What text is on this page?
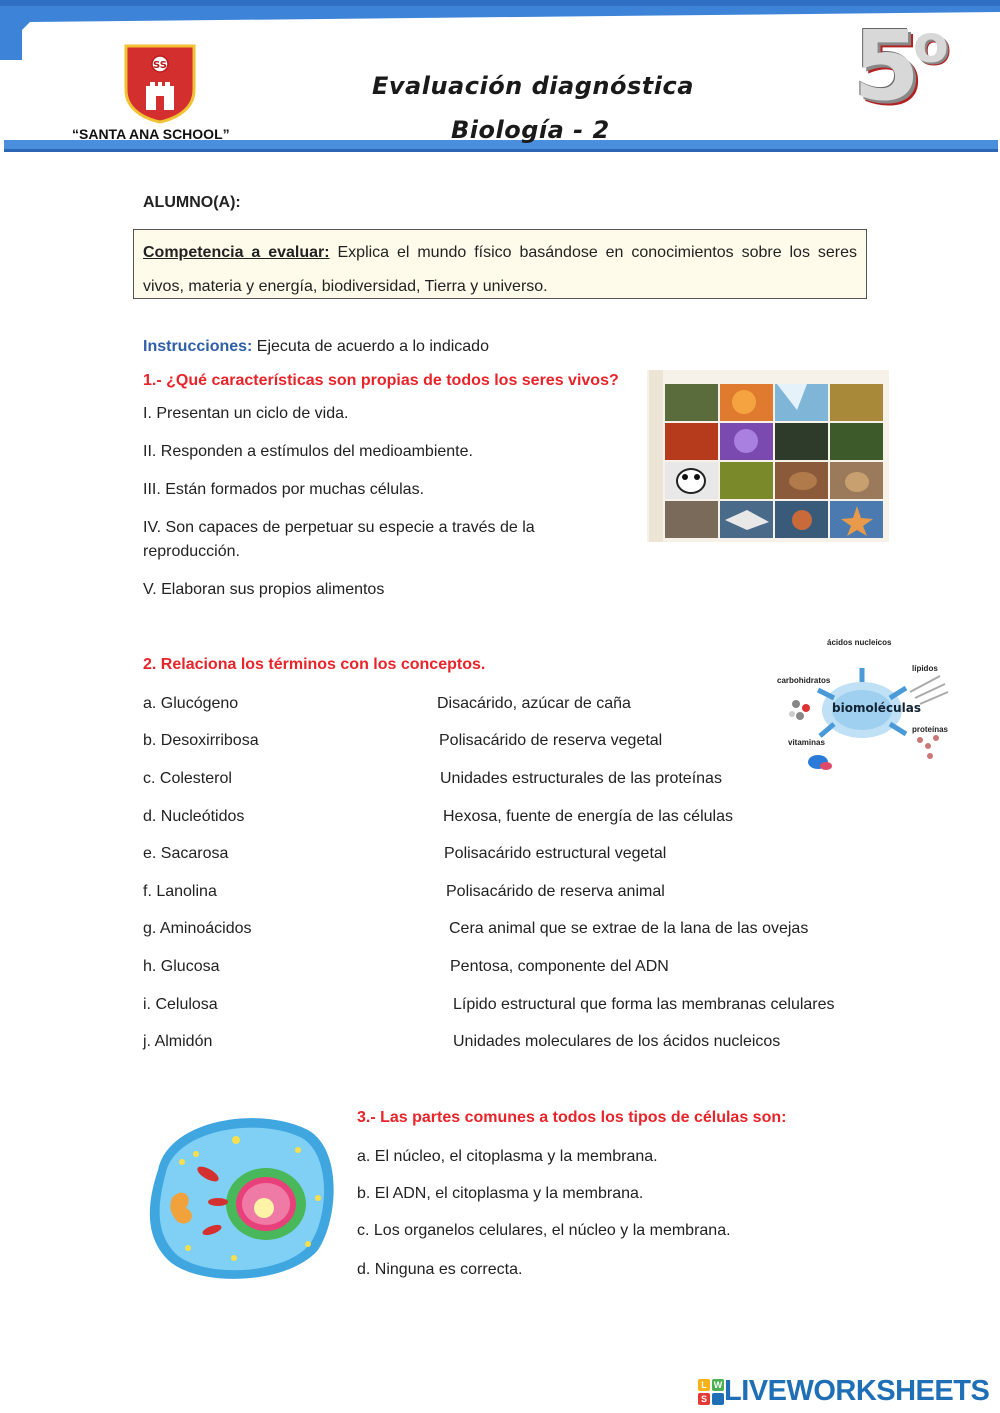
SS
“SANTA ANA SCHOOL”
Evaluación diagnóstica
Biología - 2
5
o
ALUMNO(A):
Competencia a evaluar: Explica el mundo físico basándose en conocimientos sobre los seres vivos, materia y energía, biodiversidad, Tierra y universo.
Instrucciones: Ejecuta de acuerdo a lo indicado
1.- ¿Qué características son propias de todos los seres vivos?
I. Presentan un ciclo de vida.
II. Responden a estímulos del medioambiente.
III. Están formados por muchas células.
IV. Son capaces de perpetuar su especie a través de la
reproducción.
V. Elaboran sus propios alimentos
2. Relaciona los términos con los conceptos.
a. Glucógeno
b. Desoxirribosa
c. Colesterol
d. Nucleótidos
e. Sacarosa
f. Lanolina
g. Aminoácidos
h. Glucosa
i. Celulosa
j. Almidón
Disacárido, azúcar de caña
Polisacárido de reserva vegetal
Unidades estructurales de las proteínas
Hexosa, fuente de energía de las células
Polisacárido estructural vegetal
Polisacárido de reserva animal
Cera animal que se extrae de la lana de las ovejas
Pentosa, componente del ADN
Lípido estructural que forma las membranas celulares
Unidades moleculares de los ácidos nucleicos
biomoléculas
ácidos nucleicos
carbohidratos
lípidos
proteínas
vitaminas
3.- Las partes comunes a todos los tipos de células son:
a. El núcleo, el citoplasma y la membrana.
b. El ADN, el citoplasma y la membrana.
c. Los organelos celulares, el núcleo y la membrana.
d. Ninguna es correcta.
L W
S LIVEWORKSHEETS
